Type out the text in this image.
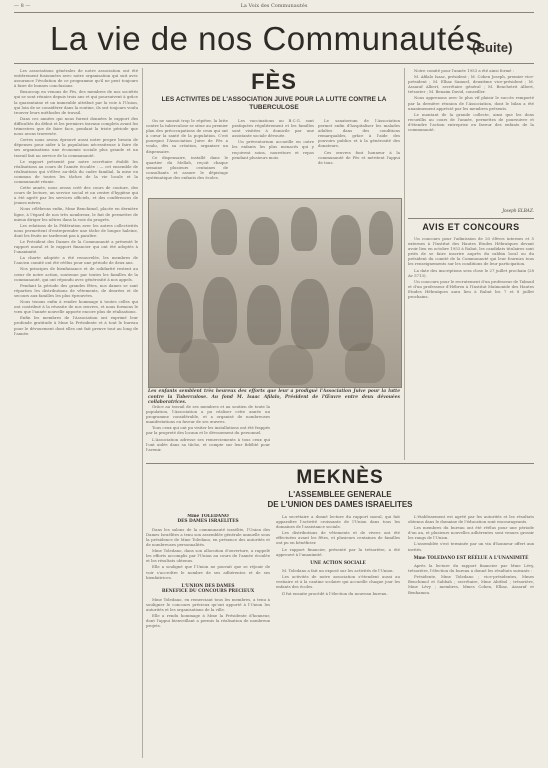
— 8 —	La Voix des Communautés
La vie de nos Communautés
(Suite)

Les associations générales de notre association ont été entièrement fusionnées avec notre organisation qui suit avec assurance l'évolution de ce programme qu'il ne peut toujours à faire de bonnes conclusions.

Beaucoup en venons de Fès, des membres de nos sociétés qui se sont réunies depuis trois ans et qui poursuivent à grâce la quarantaine et un immeuble attribué par la voie à l'Union, qui loin de se considérer dans la routine, ils ont toujours voulu trouver leurs méthodes de travail.

Dans ces années qui nous furent données le rapport des difficultés du début et les premiers travaux complets avant les trimestres que de faire face, pendant la triste période que nous avons traversée.

Certes nous avons éprouvé aussi notre propre besoin de dépenses pour aider à la population nécessiteuse à faire de ses organisations une économie sociale plus grande et un travail fait au service de la communauté.

Le rapport présenté par notre secrétaire établit les réalisations au cours de l'année écoulée : — cet ensemble de réalisations qui s'élève au-delà du cadre familial, la mise en commun de toutes les tâches de la vie locale et la communauté réunie.

Cette année, nous avons créé des cours de couture, des cours de lecture, un service social et un centre d'hygiène qui a été agréé par les services officiels, et des conférences de jeunes mères.

Nous célébrons enfin, Mme Benchimol, placée en dernière ligne, à l'égard de nos très nombreux, le fait de permettre de mieux diriger les nôtres dans la voie du progrès.

Les relations de la Fédération avec les autres collectivités nous permettent d'entreprendre une tâche de longue haleine, dont les fruits ne tarderont pas à paraître.

Le Président des Dames de la Communauté a présenté le rapport moral et le rapport financier qui ont été adoptés à l'unanimité.

La charte adoptée a été renouvelée, les membres de l'ancien comité ont été réélus pour une période de deux ans.

Nos principes de bienfaisance et de solidarité restent au cœur de notre action, soutenue par toutes les familles de la communauté, qui ont répondu avec générosité à nos appels.

Pendant la période des grandes fêtes, nos dames se sont réparties les distributions de vêtements, de denrées et de secours aux familles les plus éprouvées.

Nous tenons enfin à rendre hommage à toutes celles qui ont contribué à la réussite de nos œuvres, et nous formons le vœu que l'année nouvelle apporte encore plus de réalisations.

Enfin les membres de l'Association ont exprimé leur profonde gratitude à Mme la Présidente et à tout le bureau pour le dévouement dont elles ont fait preuve tout au long de l'année.

FÈS
LES ACTIVITES DE L'ASSOCIATION JUIVE POUR LA LUTTE CONTRE LA TUBERCULOSE

On ne saurait trop le répéter, la lutte contre la tuberculose se situe au premier plan des préoccupations de ceux qui ont à cœur la santé de la population. C'est pourquoi l'Association Juive de Fès a voulu, dès sa création, organiser un dispensaire.

Ce dispensaire, installé dans le quartier du Mellah, reçoit chaque semaine plusieurs centaines de consultants et assure le dépistage systématique des enfants des écoles.

Les vaccinations au B.C.G. sont pratiquées régulièrement et les familles sont visitées à domicile par une assistante sociale dévouée.

Un préventorium accueille en outre les enfants les plus menacés qui y reçoivent soins, nourriture et repos pendant plusieurs mois.

Le sanatorium de l'Association permet enfin d'hospitaliser les malades adultes dans des conditions remarquables, grâce à l'aide des pouvoirs publics et à la générosité des donateurs.

Ces œuvres font honneur à la communauté de Fès et méritent l'appui de tous.

Les enfants semblent très heureux des efforts que leur a prodigué l'Association Juive pour la lutte contre la Tuberculose. Au fond M. Isaac Afilalo, Président de l'Œuvre entre deux dévouées collaboratrices.

Grâce au travail de ses membres et au soutien de toute la population, l'Association a pu réaliser cette année un programme considérable, et a organisé de nombreuses manifestations en faveur de ses œuvres.

Tous ceux qui ont pu visiter les installations ont été frappés par la propreté des locaux et le dévouement du personnel.

L'Association adresse ses remerciements à tous ceux qui l'ont aidée dans sa tâche, et compte sur leur fidélité pour l'avenir.

Notre comité pour l'année 1953 a été ainsi formé :

M. Afilalo Isaac, président ; M. Cohen Joseph, premier vice-président ; M. Elbaz Samuel, deuxième vice-président ; M. Assaraf Albert, secrétaire général ; M. Benchetrit Albert, trésorier ; M. Benaim David, conseiller.

Nous apprenons avec le plus vif plaisir le succès remporté par la dernière réunion de l'Association, dont le bilan a été unanimement apprécié par les membres présents.

Le montant de la grande collecte, ainsi que les dons recueillis au cours de l'année, permettra de poursuivre et d'étendre l'action entreprise en faveur des enfants de la communauté.

Joseph ELBAZ.
AVIS ET CONCOURS

Un concours pour l'admission de 20 élèves internes et 5 externes à l'Institut des Hautes Etudes Hébraïques devant avoir lieu en octobre 1953 à Rabat, les candidats titulaires sont priés de se faire inscrire auprès du rabbin local ou du président du comité de la Communauté qui leur fournira tous les renseignements sur les conditions de leur participation.

La date des inscriptions sera close le 27 juillet prochain (28 Av 5713).

Un concours pour le recrutement d'un professeur de Talmud et d'un professeur d'Hébreu à l'Institut Maïmonide des Hautes Etudes Hébraïques aura lieu à Rabat les 7 et 8 juillet prochains.

MEKNÈS
L'ASSEMBLEE GENERALE
DE L'UNION DES DAMES ISRAELITES
Mme TOLEDANO
DES DAMES ISRAELITES

Dans les salons de la communauté israélite, l'Union des Dames Israélites a tenu son assemblée générale annuelle sous la présidence de Mme Toledano, en présence des autorités et de nombreuses personnalités.

Mme Toledano, dans son allocution d'ouverture, a rappelé les efforts accomplis par l'Union au cours de l'année écoulée et les résultats obtenus.

Elle a souligné que l'Union ne pouvait que se réjouir de voir s'accroître le nombre de ses adhérentes et de ses bienfaitrices.

L'UNION DES DAMES
BENEFICE DU CONCOURS PRECIEUX

Mme Toledano, en remerciant tous les membres, a tenu à souligner le concours précieux qu'ont apporté à l'Union les autorités et les organisations de la ville.

Elle a rendu hommage à Mme la Présidente d'honneur, dont l'appui bienveillant a permis la réalisation de nombreux projets.

La secrétaire a donné lecture du rapport moral, qui fait apparaître l'activité croissante de l'Union dans tous les domaines de l'assistance sociale.

Les distributions de vêtements et de vivres ont été effectuées avant les fêtes, et plusieurs centaines de familles ont pu en bénéficier.

Le rapport financier, présenté par la trésorière, a été approuvé à l'unanimité.

UNE ACTION SOCIALE

M. Toledano a fait un exposé sur les activités de l'Union.

Les activités de notre association s'étendent aussi au vestiaire et à la cantine scolaire qui accueille chaque jour les enfants des écoles.

Il fut ensuite procédé à l'élection du nouveau bureau.

L'établissement est agréé par les autorités et les résultats obtenus dans le domaine de l'éducation sont encourageants.

Les membres du bureau ont été réélus pour une période d'un an, et plusieurs nouvelles adhérentes sont venues grossir les rangs de l'Union.

L'assemblée s'est terminée par un vin d'honneur offert aux invités.

Mme TOLEDANO EST RÉÉLUE A L'UNANIMITÉ

Après la lecture du rapport financier par Mme Lévy, trésorière, l'élection du bureau a donné les résultats suivants :

Présidente, Mme Toledano ; vice-présidentes, Mmes Benchimol et Sabbah ; secrétaire, Mme Abitbol ; trésorière, Mme Lévy ; membres, Mmes Cohen, Elbaz, Assaraf et Benhamou.
